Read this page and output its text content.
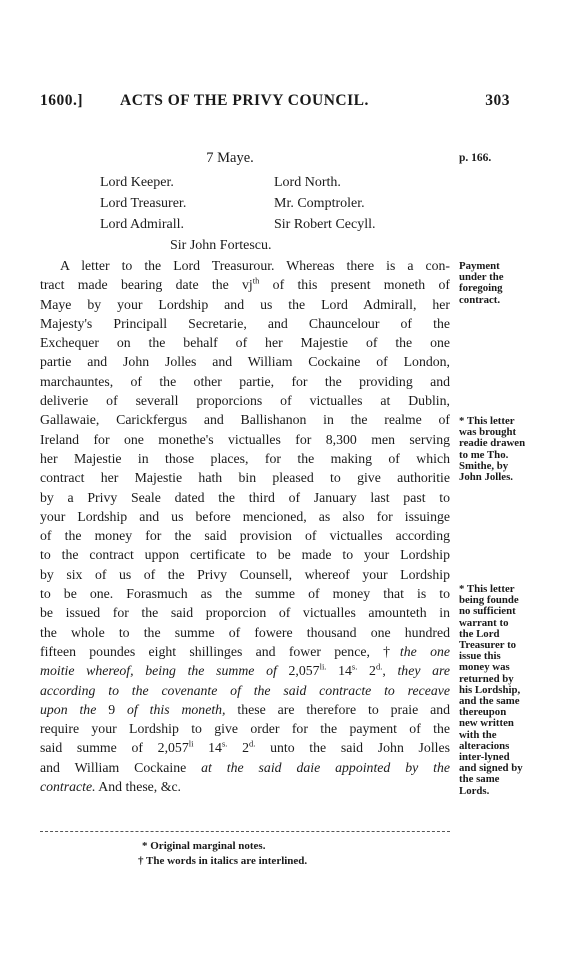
1600.] ACTS OF THE PRIVY COUNCIL.	303
7 Maye.	p. 166.
Lord Keeper.
Lord Treasurer.
Lord Admirall.
Lord North.
Mr. Comptroler.
Sir Robert Cecyll.
Sir John Fortescu.
A letter to the Lord Treasurour. Whereas there is a con-
tract made bearing date the $vj^{th}$ of this present moneth of
Maye by your Lordship and us the Lord Admirall, her
Majesty's Principall Secretarie, and Chauncelour of the
Exchequer on the behalf of her Majestie of the one
partie and John Jolles and William Cockaine of London,
marchauntes, of the other partie, for the providing and
deliverie of severall proporcions of victualles at Dublin,
Gallawaie, Carickfergus and Ballishanon in the realme of
Ireland for one monethe's victualles for 8,300 men serving
her Majestie in those places, for the making of which
contract her Majestie hath bin pleased to give authoritie
by a Privy Seale dated the third of January last past to
your Lordship and us before mencioned, as also for issuinge
of the money for the said provision of victualles according
to the contract uppon certificate to be made to your Lordship
by six of us of the Privy Counsell, whereof your Lordship
to be one. Forasmuch as the summe of money that is to
be issued for the said proporcion of victualles amounteth in
the whole to the summe of fowere thousand one hundred
fifteen poundes eight shillinges and fower pence, †the one
moitie whereof, being the summe of $2,057^{li.}$ $14^{s.}$ $2^{d.}$, they are
according to the covenante of the said contracte to receave
upon the 9 of this moneth, these are therefore to praie and
require your Lordship to give order for the payment of the
said summe of $2,057^{li}$ $14^{s.}$ $2^{d.}$ unto the said John Jolles
and William Cockaine at the said daie appointed by the
contracte. And these, &c.
Payment
under the
foregoing
contract.
* This letter
was brought
readie drawen
to me Tho.
Smithe, by
John Jolles.
* This letter
being founde
no sufficient
warrant to
the Lord
Treasurer to
issue this
money was
returned by
his Lordship,
and the same
thereupon
new written
with the
alteracions
inter-lyned
and signed by
the same
Lords.
* Original marginal notes.
† The words in italics are interlined.
